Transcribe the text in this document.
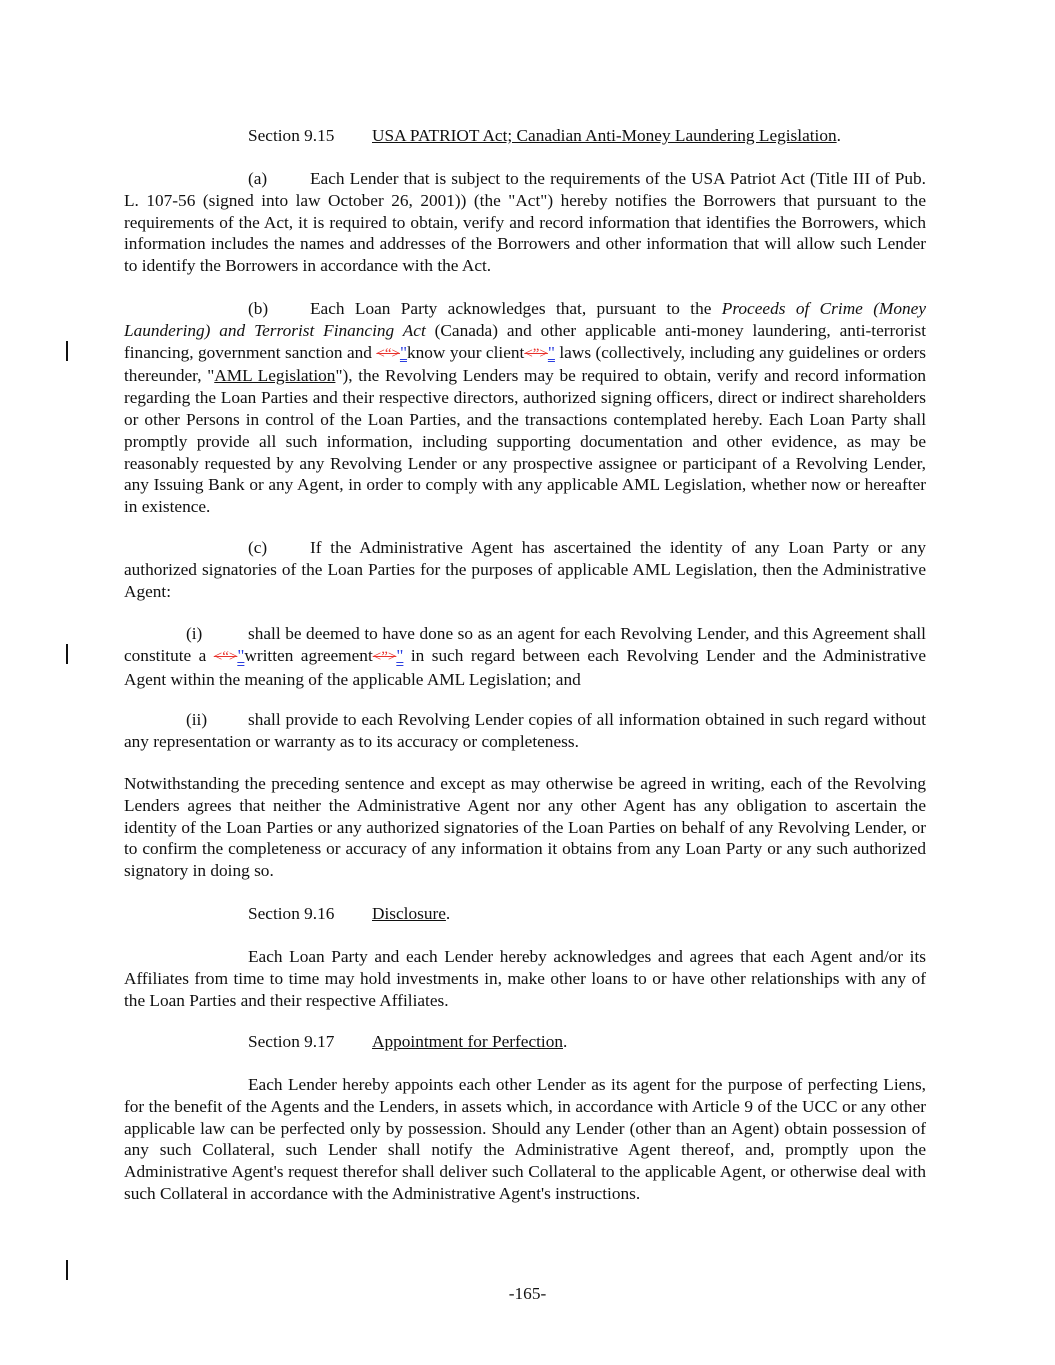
Section 9.15 USA PATRIOT Act; Canadian Anti-Money Laundering Legislation.

(a) Each Lender that is subject to the requirements of the USA Patriot Act (Title III of Pub. L. 107-56 (signed into law October 26, 2001)) (the "Act") hereby notifies the Borrowers that pursuant to the requirements of the Act, it is required to obtain, verify and record information that identifies the Borrowers, which information includes the names and addresses of the Borrowers and other information that will allow such Lender to identify the Borrowers in accordance with the Act.

(b) Each Loan Party acknowledges that, pursuant to the Proceeds of Crime (Money Laundering) and Terrorist Financing Act (Canada) and other applicable anti-money laundering, anti-terrorist financing, government sanction and <“>"know your client<”>" laws (collectively, including any guidelines or orders thereunder, "AML Legislation"), the Revolving Lenders may be required to obtain, verify and record information regarding the Loan Parties and their respective directors, authorized signing officers, direct or indirect shareholders or other Persons in control of the Loan Parties, and the transactions contemplated hereby. Each Loan Party shall promptly provide all such information, including supporting documentation and other evidence, as may be reasonably requested by any Revolving Lender or any prospective assignee or participant of a Revolving Lender, any Issuing Bank or any Agent, in order to comply with any applicable AML Legislation, whether now or hereafter in existence.

(c) If the Administrative Agent has ascertained the identity of any Loan Party or any authorized signatories of the Loan Parties for the purposes of applicable AML Legislation, then the Administrative Agent:

(i)	shall be deemed to have done so as an agent for each Revolving Lender, and this Agreement shall constitute a <“>"written agreement<”>" in such regard between each Revolving Lender and the Administrative Agent within the meaning of the applicable AML Legislation; and

(ii) shall provide to each Revolving Lender copies of all information obtained in such regard without any representation or warranty as to its accuracy or completeness.

Notwithstanding the preceding sentence and except as may otherwise be agreed in writing, each of the Revolving Lenders agrees that neither the Administrative Agent nor any other Agent has any obligation to ascertain the identity of the Loan Parties or any authorized signatories of the Loan Parties on behalf of any Revolving Lender, or to confirm the completeness or accuracy of any information it obtains from any Loan Party or any such authorized signatory in doing so.

Section 9.16 Disclosure.

Each Loan Party and each Lender hereby acknowledges and agrees that each Agent and/or its Affiliates from time to time may hold investments in, make other loans to or have other relationships with any of the Loan Parties and their respective Affiliates.

Section 9.17 Appointment for Perfection.

Each Lender hereby appoints each other Lender as its agent for the purpose of perfecting Liens, for the benefit of the Agents and the Lenders, in assets which, in accordance with Article 9 of the UCC or any other applicable law can be perfected only by possession. Should any Lender (other than an Agent) obtain possession of any such Collateral, such Lender shall notify the Administrative Agent thereof, and, promptly upon the Administrative Agent's request therefor shall deliver such Collateral to the applicable Agent, or otherwise deal with such Collateral in accordance with the Administrative Agent's instructions.

-165-
